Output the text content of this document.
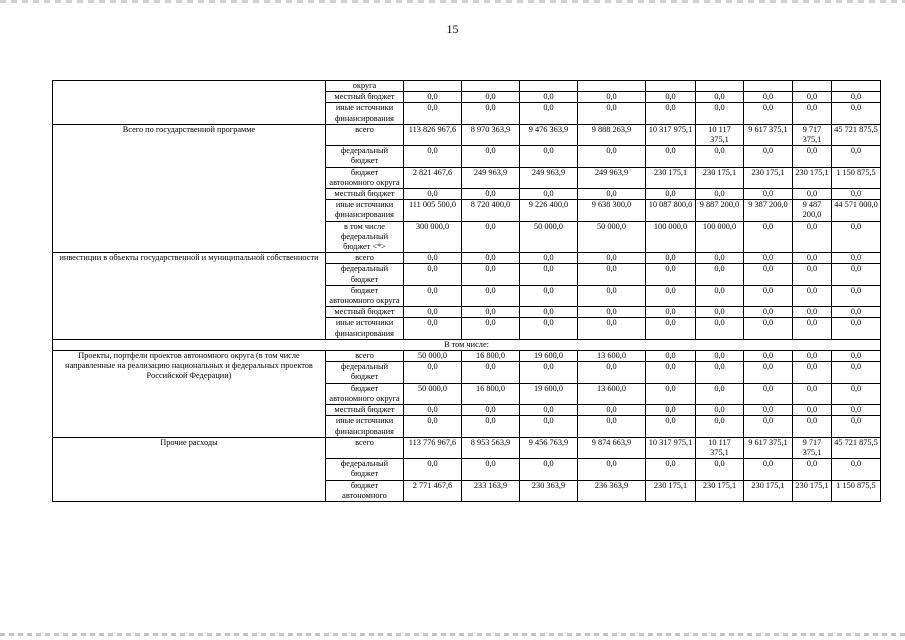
15
	округа									
	местный бюджет	0,0	0,0	0,0	0,0	0,0	0,0	0,0	0,0	0,0
	иные источники финансирования	0,0	0,0	0,0	0,0	0,0	0,0	0,0	0,0	0,0
Всего по государственной программе	всего	113 826 967,6	8 970 363,9	9 476 363,9	9 888 263,9	10 317 975,1	10 117 375,1	9 617 375,1	9 717 375,1	45 721 875,5
	федеральный бюджет	0,0	0,0	0,0	0,0	0,0	0,0	0,0	0,0	0,0
	бюджет автономного округа	2 821 467,6	249 963,9	249 963,9	249 963,9	230 175,1	230 175,1	230 175,1	230 175,1	1 150 875,5
	местный бюджет	0,0	0,0	0,0	0,0	0,0	0,0	0,0	0,0	0,0
	иные источники финансирования	111 005 500,0	8 720 400,0	9 226 400,0	9 638 300,0	10 087 800,0	9 887 200,0	9 387 200,0	9 487 200,0	44 571 000,0
	в том числе федеральный бюджет <*>	300 000,0	0,0	50 000,0	50 000,0	100 000,0	100 000,0	0,0	0,0	0,0
инвестиции в объекты государственной и муниципальной собственности	всего	0,0	0,0	0,0	0,0	0,0	0,0	0,0	0,0	0,0
	федеральный бюджет	0,0	0,0	0,0	0,0	0,0	0,0	0,0	0,0	0,0
	бюджет автономного округа	0,0	0,0	0,0	0,0	0,0	0,0	0,0	0,0	0,0
	местный бюджет	0,0	0,0	0,0	0,0	0,0	0,0	0,0	0,0	0,0
	иные источники финансирования	0,0	0,0	0,0	0,0	0,0	0,0	0,0	0,0	0,0
В том числе:										
Проекты, портфели проектов автономного округа (в том числе направленные на реализацию национальных и федеральных проектов Российской Федерации)	всего	50 000,0	16 800,0	19 600,0	13 600,0	0,0	0,0	0,0	0,0	0,0
	федеральный бюджет	0,0	0,0	0,0	0,0	0,0	0,0	0,0	0,0	0,0
	бюджет автономного округа	50 000,0	16 800,0	19 600,0	13 600,0	0,0	0,0	0,0	0,0	0,0
	местный бюджет	0,0	0,0	0,0	0,0	0,0	0,0	0,0	0,0	0,0
	иные источники финансирования	0,0	0,0	0,0	0,0	0,0	0,0	0,0	0,0	0,0
Прочие расходы	всего	113 776 967,6	8 953 563,9	9 456 763,9	9 874 663,9	10 317 975,1	10 117 375,1	9 617 375,1	9 717 375,1	45 721 875,5
	федеральный бюджет	0,0	0,0	0,0	0,0	0,0	0,0	0,0	0,0	0,0
	бюджет автономного	2 771 467,6	233 163,9	230 363,9	236 363,9	230 175,1	230 175,1	230 175,1	230 175,1	1 150 875,5
